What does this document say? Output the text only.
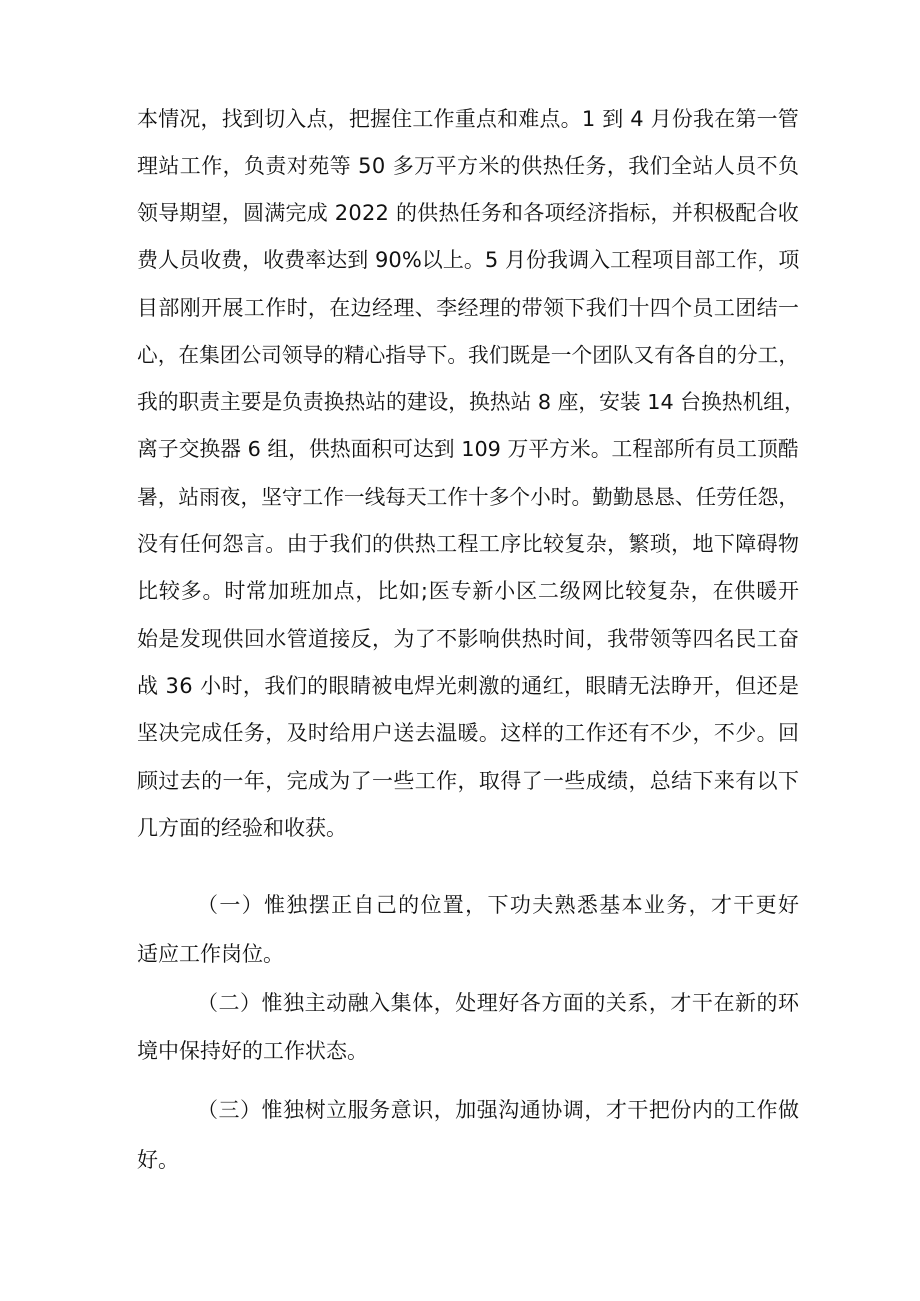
本情况，找到切入点，把握住工作重点和难点。1 到 4 月份我在第一管
理站工作，负责对苑等 50 多万平方米的供热任务，我们全站人员不负
领导期望，圆满完成 2022 的供热任务和各项经济指标，并积极配合收
费人员收费，收费率达到 90%以上。5 月份我调入工程项目部工作，项
目部刚开展工作时，在边经理、李经理的带领下我们十四个员工团结一
心，在集团公司领导的精心指导下。我们既是一个团队又有各自的分工，
我的职责主要是负责换热站的建设，换热站 8 座，安装 14 台换热机组，
离子交换器 6 组，供热面积可达到 109 万平方米。工程部所有员工顶酷
暑，站雨夜，坚守工作一线每天工作十多个小时。勤勤恳恳、任劳任怨，
没有任何怨言。由于我们的供热工程工序比较复杂，繁琐，地下障碍物
比较多。时常加班加点，比如;医专新小区二级网比较复杂，在供暖开
始是发现供回水管道接反，为了不影响供热时间，我带领等四名民工奋
战 36 小时，我们的眼睛被电焊光刺激的通红，眼睛无法睁开，但还是
坚决完成任务，及时给用户送去温暖。这样的工作还有不少，不少。回
顾过去的一年，完成为了一些工作，取得了一些成绩，总结下来有以下
几方面的经验和收获。
（一）惟独摆正自己的位置，下功夫熟悉基本业务，才干更好
适应工作岗位。
（二）惟独主动融入集体，处理好各方面的关系，才干在新的环
境中保持好的工作状态。
（三）惟独树立服务意识，加强沟通协调，才干把份内的工作做
好。
